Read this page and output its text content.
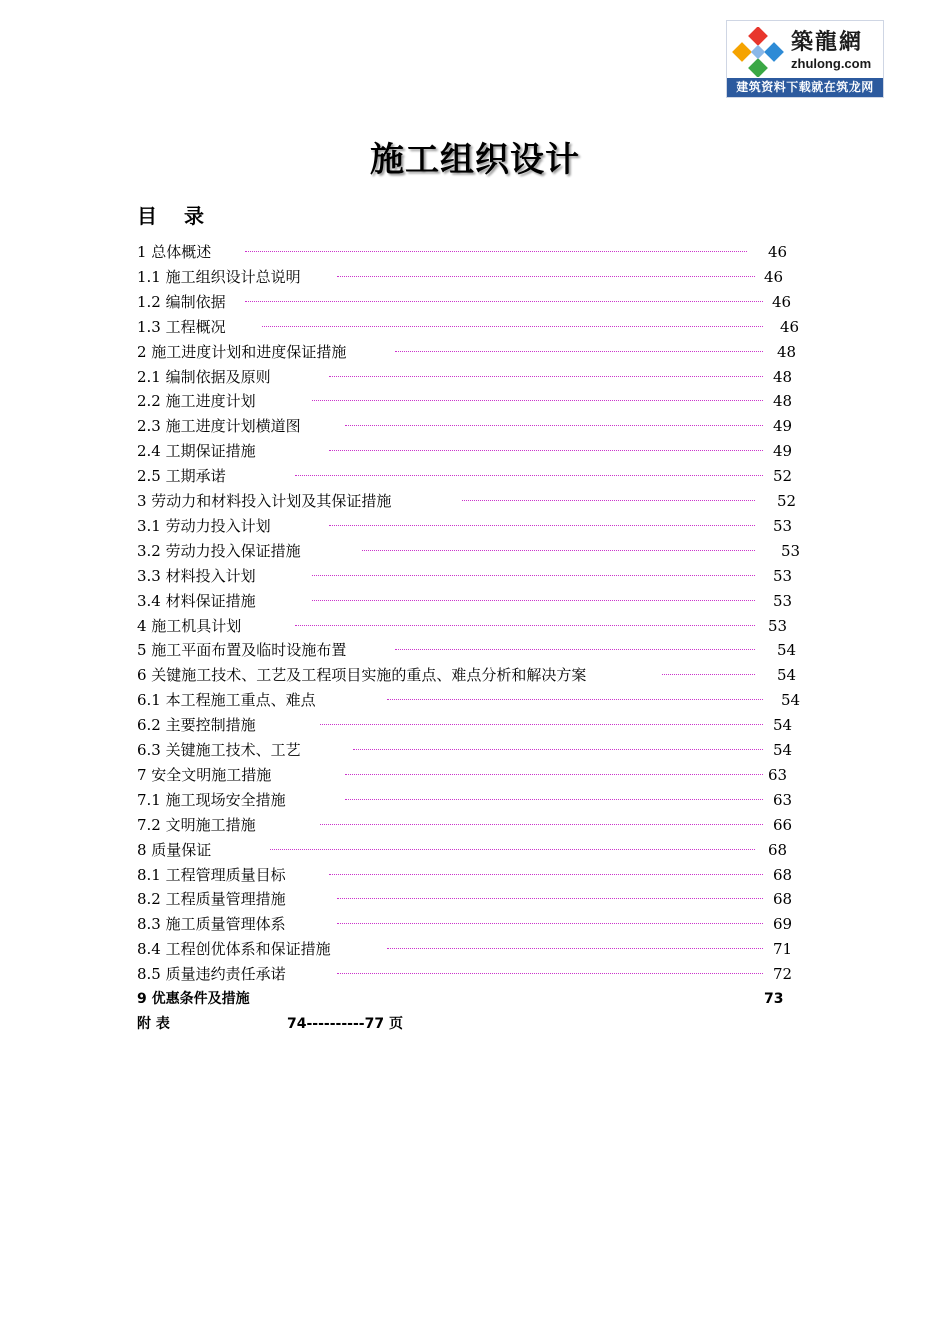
築龍網
zhulong.com
建筑资料下载就在筑龙网
施工组织设计
目 录
1 总体概述	46
1.1 施工组织设计总说明	46
1.2 编制依据	46
1.3 工程概况	46
2 施工进度计划和进度保证措施	48
2.1 编制依据及原则	48
2.2 施工进度计划	48
2.3 施工进度计划横道图	49
2.4 工期保证措施	49
2.5 工期承诺	52
3 劳动力和材料投入计划及其保证措施	52
3.1 劳动力投入计划	53
3.2 劳动力投入保证措施	53
3.3 材料投入计划	53
3.4 材料保证措施	53
4 施工机具计划	53
5 施工平面布置及临时设施布置	54
6 关键施工技术、工艺及工程项目实施的重点、难点分析和解决方案	54
6.1 本工程施工重点、难点	54
6.2 主要控制措施	54
6.3 关键施工技术、工艺	54
7 安全文明施工措施	63
7.1 施工现场安全措施	63
7.2 文明施工措施	66
8 质量保证	68
8.1 工程管理质量目标	68
8.2 工程质量管理措施	68
8.3 施工质量管理体系	69
8.4 工程创优体系和保证措施	71
8.5 质量违约责任承诺	72
9 优惠条件及措施	73
附 表	74----------77 页
